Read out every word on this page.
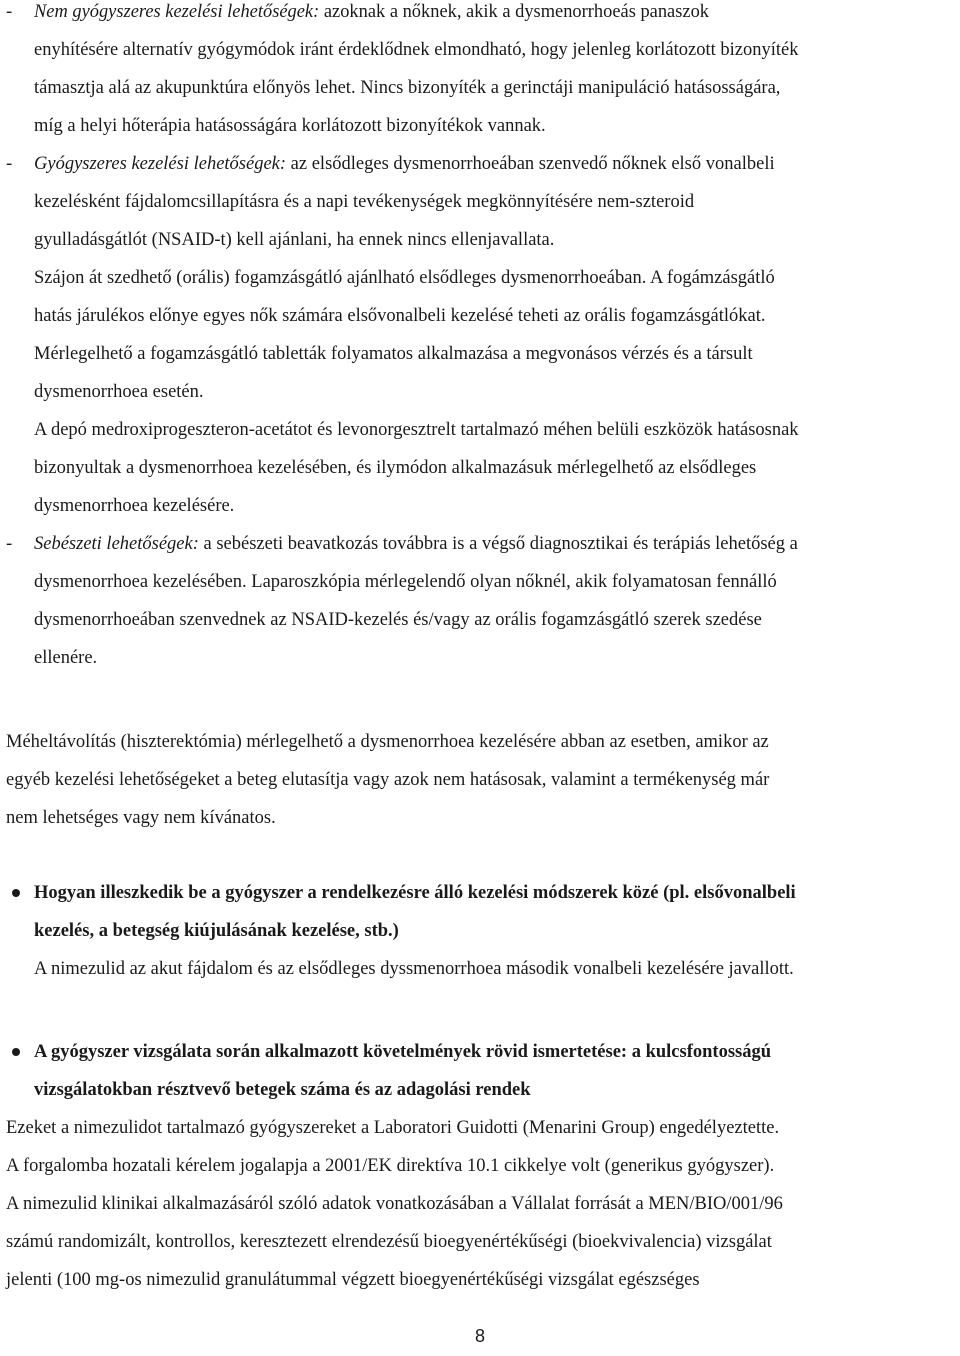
- Nem gyógyszeres kezelési lehetőségek: azoknak a nőknek, akik a dysmenorrhoeás panaszok
enyhítésére alternatív gyógymódok iránt érdeklődnek elmondható, hogy jelenleg korlátozott bizonyíték
támasztja alá az akupunktúra előnyös lehet. Nincs bizonyíték a gerinctáji manipuláció hatásosságára,
míg a helyi hőterápia hatásosságára korlátozott bizonyítékok vannak.
- Gyógyszeres kezelési lehetőségek: az elsődleges dysmenorrhoeában szenvedő nőknek első vonalbeli
kezelésként fájdalomcsillapításra és a napi tevékenységek megkönnyítésére nem-szteroid
gyulladásgátlót (NSAID-t) kell ajánlani, ha ennek nincs ellenjavallata.
Szájon át szedhető (orális) fogamzásgátló ajánlható elsődleges dysmenorrhoeában. A fogámzásgátló
hatás járulékos előnye egyes nők számára elsővonalbeli kezelésé teheti az orális fogamzásgátlókat.
Mérlegelhető a fogamzásgátló tabletták folyamatos alkalmazása a megvonásos vérzés és a társult
dysmenorrhoea esetén.
A depó medroxiprogeszteron-acetátot és levonorgesztrelt tartalmazó méhen belüli eszközök hatásosnak
bizonyultak a dysmenorrhoea kezelésében, és ilymódon alkalmazásuk mérlegelhető az elsődleges
dysmenorrhoea kezelésére.
- Sebészeti lehetőségek: a sebészeti beavatkozás továbbra is a végső diagnosztikai és terápiás lehetőség a
dysmenorrhoea kezelésében. Laparoszkópia mérlegelendő olyan nőknél, akik folyamatosan fennálló
dysmenorrhoeában szenvednek az NSAID-kezelés és/vagy az orális fogamzásgátló szerek szedése
ellenére.
Méheltávolítás (hiszterektómia) mérlegelhető a dysmenorrhoea kezelésére abban az esetben, amikor az
egyéb kezelési lehetőségeket a beteg elutasítja vagy azok nem hatásosak, valamint a termékenység már
nem lehetséges vagy nem kívánatos.
Hogyan illeszkedik be a gyógyszer a rendelkezésre álló kezelési módszerek közé (pl. elsővonalbeli
kezelés, a betegség kiújulásának kezelése, stb.)
A nimezulid az akut fájdalom és az elsődleges dyssmenorrhoea második vonalbeli kezelésére javallott.
A gyógyszer vizsgálata során alkalmazott követelmények rövid ismertetése: a kulcsfontosságú
vizsgálatokban résztvevő betegek száma és az adagolási rendek
Ezeket a nimezulidot tartalmazó gyógyszereket a Laboratori Guidotti (Menarini Group) engedélyeztette.
A forgalomba hozatali kérelem jogalapja a 2001/EK direktíva 10.1 cikkelye volt (generikus gyógyszer).
A nimezulid klinikai alkalmazásáról szóló adatok vonatkozásában a Vállalat forrását a MEN/BIO/001/96
számú randomizált, kontrollos, keresztezett elrendezésű bioegyenértékűségi (bioekvivalencia) vizsgálat
jelenti (100 mg-os nimezulid granulátummal végzett bioegyenértékűségi vizsgálat egészséges
8
